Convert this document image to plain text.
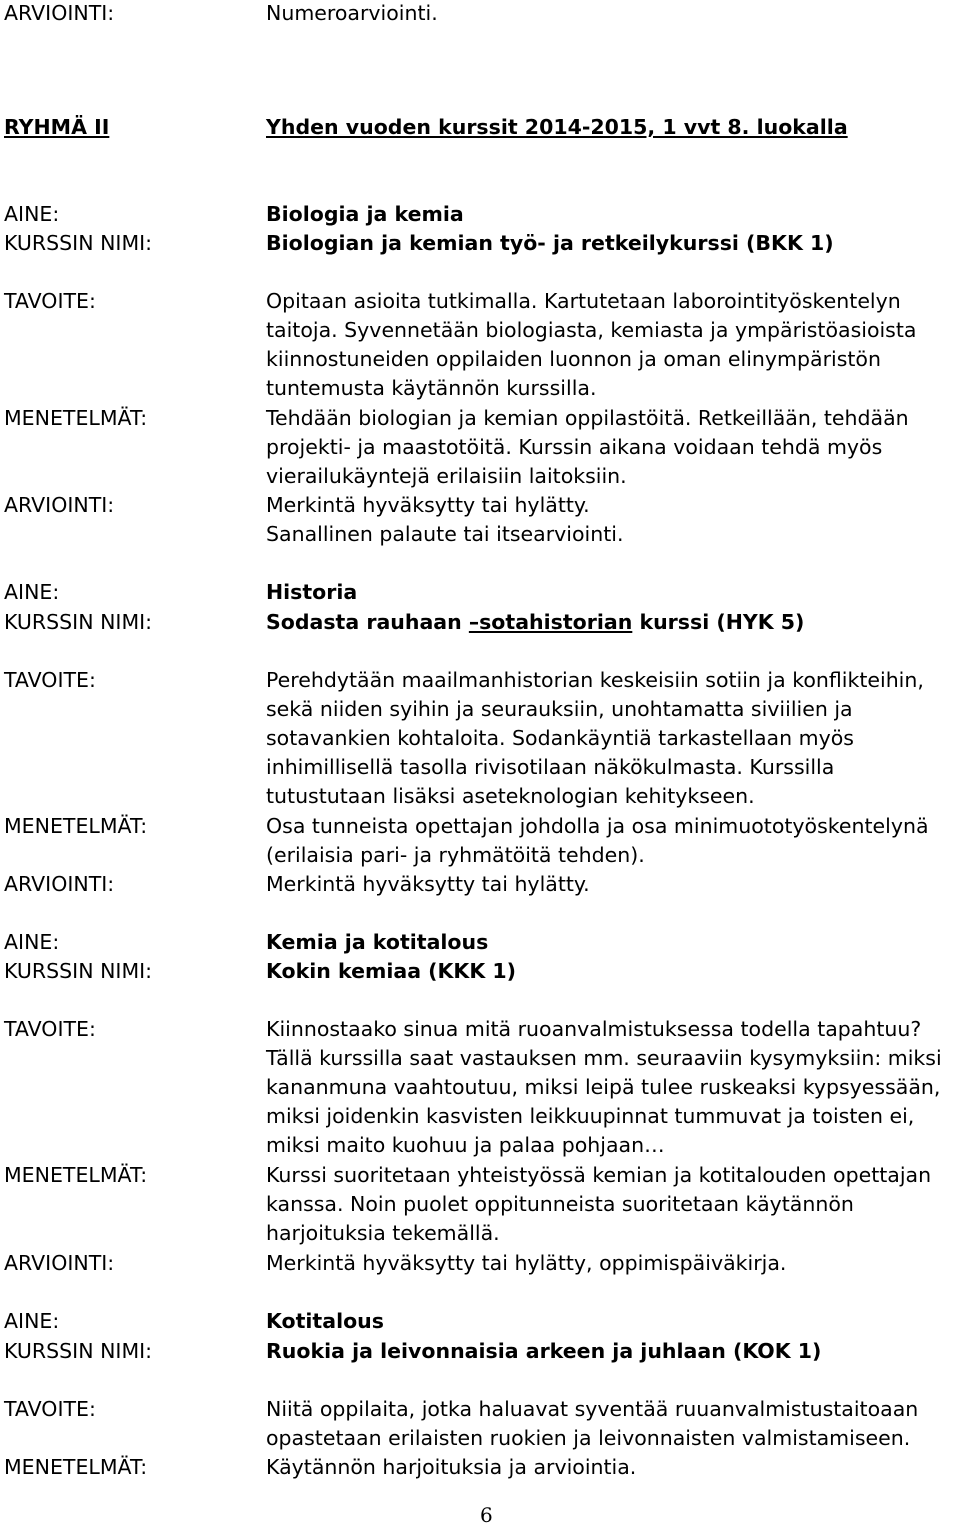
ARVIOINTI:	Numeroarviointi.
RYHMÄ II	Yhden vuoden kurssit 2014-2015, 1 vvt 8. luokalla
AINE:	Biologia ja kemia
KURSSIN NIMI:	Biologian ja kemian työ- ja retkeilykurssi (BKK 1)
TAVOITE:	Opitaan asioita tutkimalla. Kartutetaan laborointityöskentelyn
taitoja. Syvennetään biologiasta, kemiasta ja ympäristöasioista
kiinnostuneiden oppilaiden luonnon ja oman elinympäristön
tuntemusta käytännön kurssilla.
MENETELMÄT:	Tehdään biologian ja kemian oppilastöitä. Retkeillään, tehdään
projekti- ja maastotöitä. Kurssin aikana voidaan tehdä myös
vierailukäyntejä erilaisiin laitoksiin.
ARVIOINTI:	Merkintä hyväksytty tai hylätty.
Sanallinen palaute tai itsearviointi.
AINE:	Historia
KURSSIN NIMI:	Sodasta rauhaan –sotahistorian kurssi (HYK 5)
TAVOITE:	Perehdytään maailmanhistorian keskeisiin sotiin ja konflikteihin,
sekä niiden syihin ja seurauksiin, unohtamatta siviilien ja
sotavankien kohtaloita. Sodankäyntiä tarkastellaan myös
inhimillisellä tasolla rivisotilaan näkökulmasta. Kurssilla
tutustutaan lisäksi aseteknologian kehitykseen.
MENETELMÄT:	Osa tunneista opettajan johdolla ja osa minimuototyöskentelynä
(erilaisia pari- ja ryhmätöitä tehden).
ARVIOINTI:	Merkintä hyväksytty tai hylätty.
AINE:	Kemia ja kotitalous
KURSSIN NIMI:	Kokin kemiaa (KKK 1)
TAVOITE:	Kiinnostaako sinua mitä ruoanvalmistuksessa todella tapahtuu?
Tällä kurssilla saat vastauksen mm. seuraaviin kysymyksiin: miksi
kananmuna vaahtoutuu, miksi leipä tulee ruskeaksi kypsyessään,
miksi joidenkin kasvisten leikkuupinnat tummuvat ja toisten ei,
miksi maito kuohuu ja palaa pohjaan…
MENETELMÄT:	Kurssi suoritetaan yhteistyössä kemian ja kotitalouden opettajan
kanssa. Noin puolet oppitunneista suoritetaan käytännön
harjoituksia tekemällä.
ARVIOINTI:	Merkintä hyväksytty tai hylätty, oppimispäiväkirja.
AINE:	Kotitalous
KURSSIN NIMI:	Ruokia ja leivonnaisia arkeen ja juhlaan (KOK 1)
TAVOITE:	Niitä oppilaita, jotka haluavat syventää ruuanvalmistustaitoaan
opastetaan erilaisten ruokien ja leivonnaisten valmistamiseen.
MENETELMÄT:	Käytännön harjoituksia ja arviointia.
6
